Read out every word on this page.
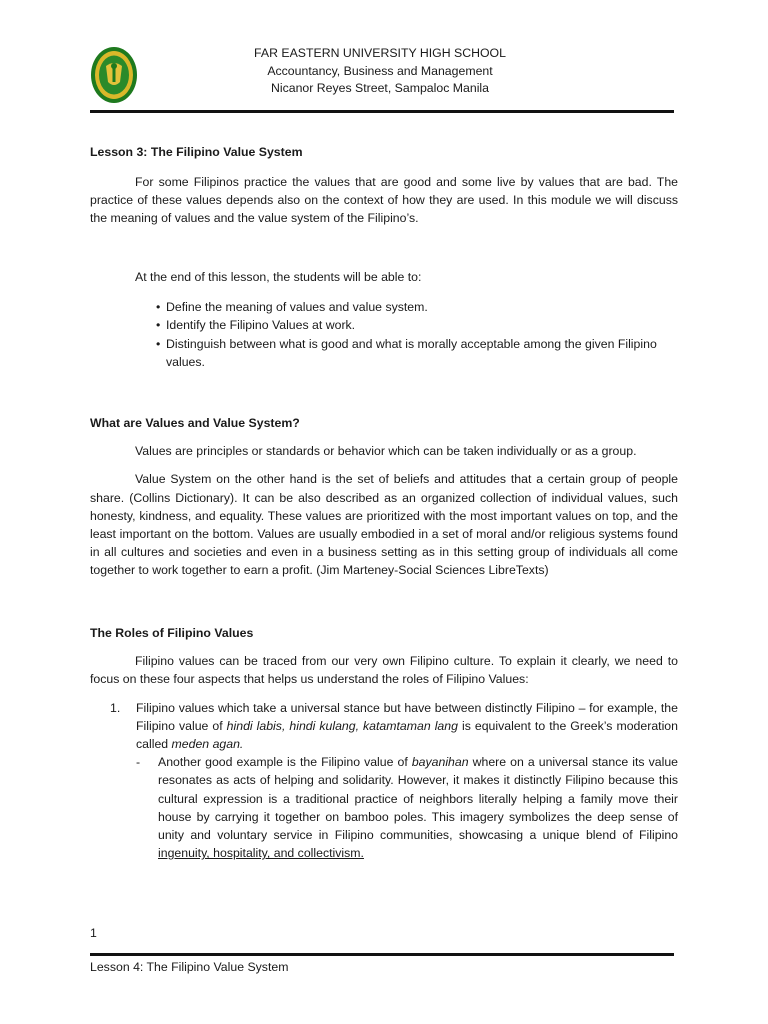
FAR EASTERN UNIVERSITY HIGH SCHOOL
Accountancy, Business and Management
Nicanor Reyes Street, Sampaloc Manila
Lesson 3: The Filipino Value System

For some Filipinos practice the values that are good and some live by values that are bad. The practice of these values depends also on the context of how they are used. In this module we will discuss the meaning of values and the value system of the Filipino’s.

At the end of this lesson, the students will be able to:

• Define the meaning of values and value system.
• Identify the Filipino Values at work.
• Distinguish between what is good and what is morally acceptable among the given Filipino values.

What are Values and Value System?

Values are principles or standards or behavior which can be taken individually or as a group.

Value System on the other hand is the set of beliefs and attitudes that a certain group of people share. (Collins Dictionary). It can be also described as an organized collection of individual values, such honesty, kindness, and equality. These values are prioritized with the most important values on top, and the least important on the bottom. Values are usually embodied in a set of moral and/or religious systems found in all cultures and societies and even in a business setting as in this setting group of individuals all come together to work together to earn a profit. (Jim Marteney-Social Sciences LibreTexts)

The Roles of Filipino Values

Filipino values can be traced from our very own Filipino culture. To explain it clearly, we need to focus on these four aspects that helps us understand the roles of Filipino Values:

1. Filipino values which take a universal stance but have between distinctly Filipino – for example, the Filipino value of hindi labis, hindi kulang, katamtaman lang is equivalent to the Greek’s moderation called meden agan.
- Another good example is the Filipino value of bayanihan where on a universal stance its value resonates as acts of helping and solidarity. However, it makes it distinctly Filipino because this cultural expression is a traditional practice of neighbors literally helping a family move their house by carrying it together on bamboo poles. This imagery symbolizes the deep sense of unity and voluntary service in Filipino communities, showcasing a unique blend of Filipino ingenuity, hospitality, and collectivism.
1
Lesson 4: The Filipino Value System
